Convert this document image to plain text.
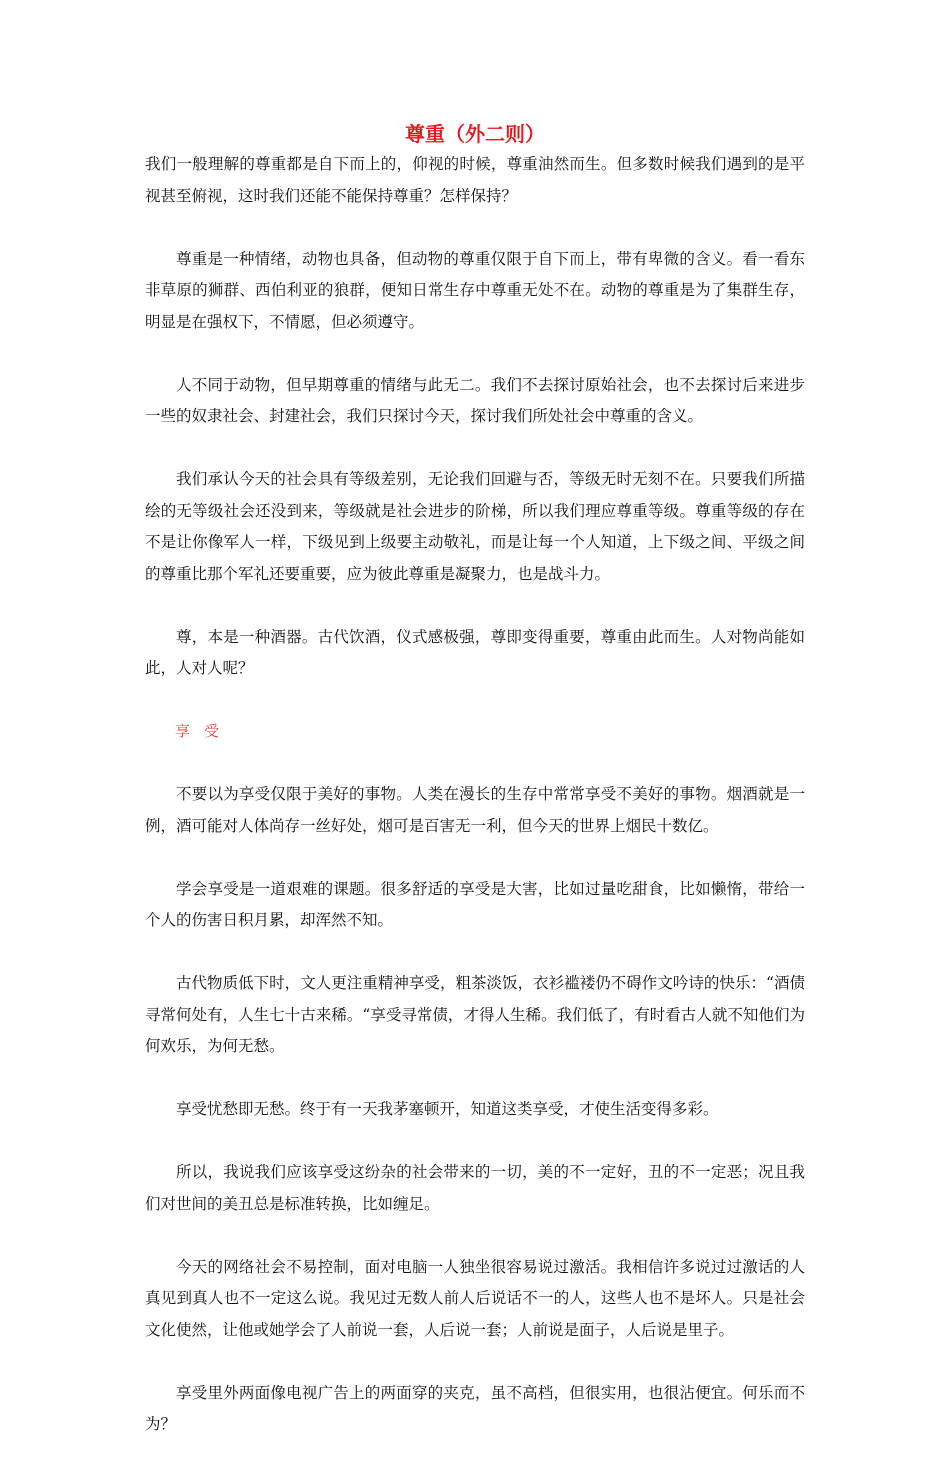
尊重（外二则）

我们一般理解的尊重都是自下而上的，仰视的时候，尊重油然而生。但多数时候我们遇到的是平视甚至俯视，这时我们还能不能保持尊重？怎样保持？

尊重是一种情绪，动物也具备，但动物的尊重仅限于自下而上，带有卑微的含义。看一看东非草原的狮群、西伯利亚的狼群，便知日常生存中尊重无处不在。动物的尊重是为了集群生存，明显是在强权下，不情愿，但必须遵守。

人不同于动物，但早期尊重的情绪与此无二。我们不去探讨原始社会，也不去探讨后来进步一些的奴隶社会、封建社会，我们只探讨今天，探讨我们所处社会中尊重的含义。

我们承认今天的社会具有等级差别，无论我们回避与否，等级无时无刻不在。只要我们所描绘的无等级社会还没到来，等级就是社会进步的阶梯，所以我们理应尊重等级。尊重等级的存在不是让你像军人一样，下级见到上级要主动敬礼，而是让每一个人知道，上下级之间、平级之间的尊重比那个军礼还要重要，应为彼此尊重是凝聚力，也是战斗力。

尊，本是一种酒器。古代饮酒，仪式感极强，尊即变得重要，尊重由此而生。人对物尚能如此，人对人呢？

享受

不要以为享受仅限于美好的事物。人类在漫长的生存中常常享受不美好的事物。烟酒就是一例，酒可能对人体尚存一丝好处，烟可是百害无一利，但今天的世界上烟民十数亿。

学会享受是一道艰难的课题。很多舒适的享受是大害，比如过量吃甜食，比如懒惰，带给一个人的伤害日积月累，却浑然不知。

古代物质低下时，文人更注重精神享受，粗茶淡饭，衣衫褴褛仍不碍作文吟诗的快乐：“酒债寻常何处有，人生七十古来稀。“享受寻常债，才得人生稀。我们低了，有时看古人就不知他们为何欢乐，为何无愁。

享受忧愁即无愁。终于有一天我茅塞顿开，知道这类享受，才使生活变得多彩。

所以，我说我们应该享受这纷杂的社会带来的一切，美的不一定好，丑的不一定恶；况且我们对世间的美丑总是标准转换，比如缠足。

今天的网络社会不易控制，面对电脑一人独坐很容易说过激活。我相信许多说过过激话的人真见到真人也不一定这么说。我见过无数人前人后说话不一的人，这些人也不是坏人。只是社会文化使然，让他或她学会了人前说一套，人后说一套；人前说是面子，人后说是里子。

享受里外两面像电视广告上的两面穿的夹克，虽不高档，但很实用，也很沾便宜。何乐而不为？
